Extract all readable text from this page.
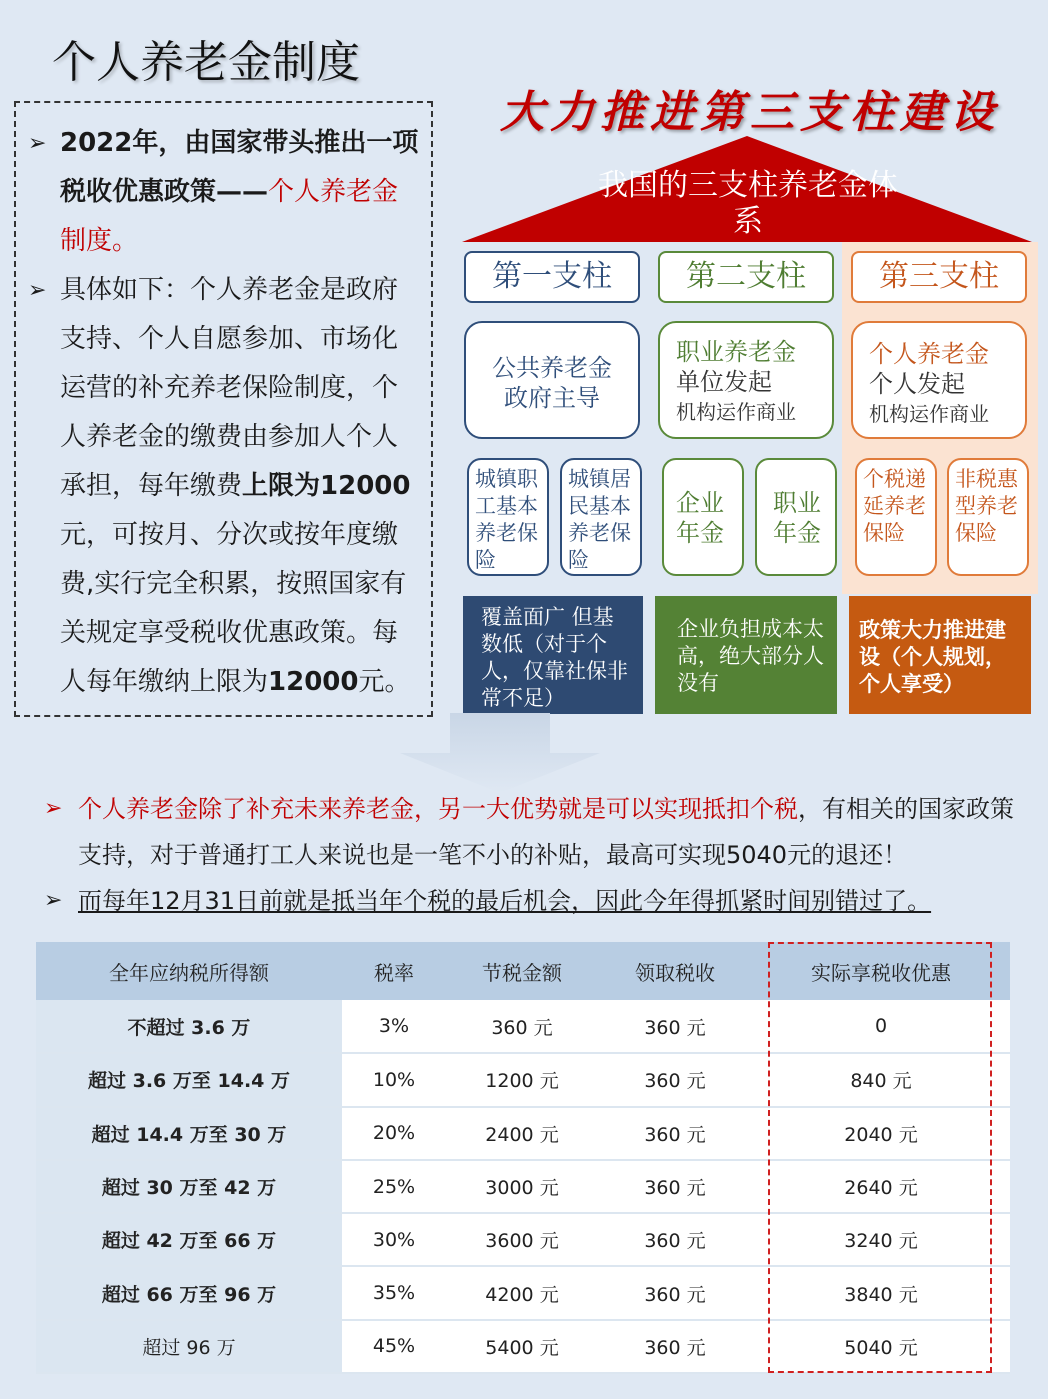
个人养老金制度
➢ 2022年，由国家带头推出一项税收优惠政策——个人养老金制度。
➢ 具体如下：个人养老金是政府支持、个人自愿参加、市场化运营的补充养老保险制度，个人养老金的缴费由参加人个人承担，每年缴费上限为12000元，可按月、分次或按年度缴费,实行完全积累，按照国家有关规定享受税收优惠政策。每人每年缴纳上限为12000元。
大力推进第三支柱建设
我国的三支柱养老金体系
第一支柱	第二支柱	第三支柱
公共养老金
政府主导
职业养老金
单位发起
机构运作商业
个人养老金
个人发起
机构运作商业
城镇职工基本养老保险
城镇居民基本养老保险
企业年金
职业年金
个税递延养老保险
非税惠型养老保险
覆盖面广 但基数低（对于个人，仅靠社保非常不足）
企业负担成本太高，绝大部分人没有
政策大力推进建设（个人规划，个人享受）
➢ 个人养老金除了补充未来养老金，另一大优势就是可以实现抵扣个税，有相关的国家政策支持，对于普通打工人来说也是一笔不小的补贴，最高可实现5040元的退还！
➢ 而每年12月31日前就是抵当年个税的最后机会，因此今年得抓紧时间别错过了。
全年应纳税所得额	税率	节税金额	领取税收	实际享税收优惠
不超过 3.6 万	3%	360 元	360 元	0
超过 3.6 万至 14.4 万	10%	1200 元	360 元	840 元
超过 14.4 万至 30 万	20%	2400 元	360 元	2040 元
超过 30 万至 42 万	25%	3000 元	360 元	2640 元
超过 42 万至 66 万	30%	3600 元	360 元	3240 元
超过 66 万至 96 万	35%	4200 元	360 元	3840 元
超过 96 万	45%	5400 元	360 元	5040 元
